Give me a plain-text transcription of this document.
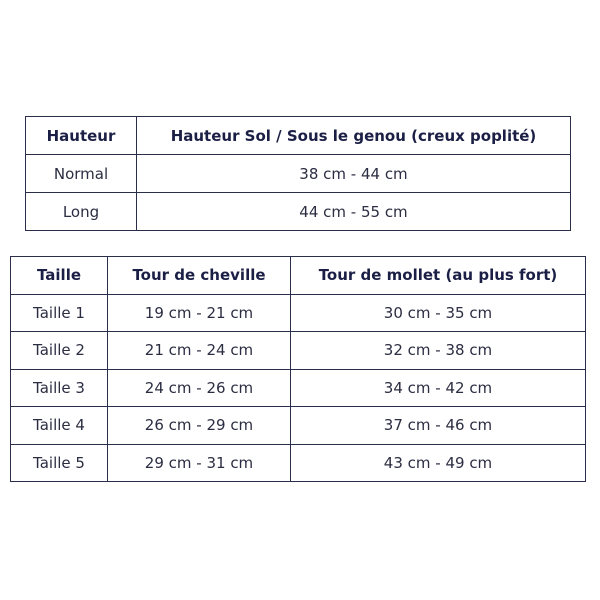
Hauteur	Hauteur Sol / Sous le genou (creux poplité)
Normal	38 cm - 44 cm
Long	44 cm - 55 cm
Taille	Tour de cheville	Tour de mollet (au plus fort)
Taille 1	19 cm - 21 cm	30 cm - 35 cm
Taille 2	21 cm - 24 cm	32 cm - 38 cm
Taille 3	24 cm - 26 cm	34 cm - 42 cm
Taille 4	26 cm - 29 cm	37 cm - 46 cm
Taille 5	29 cm - 31 cm	43 cm - 49 cm
